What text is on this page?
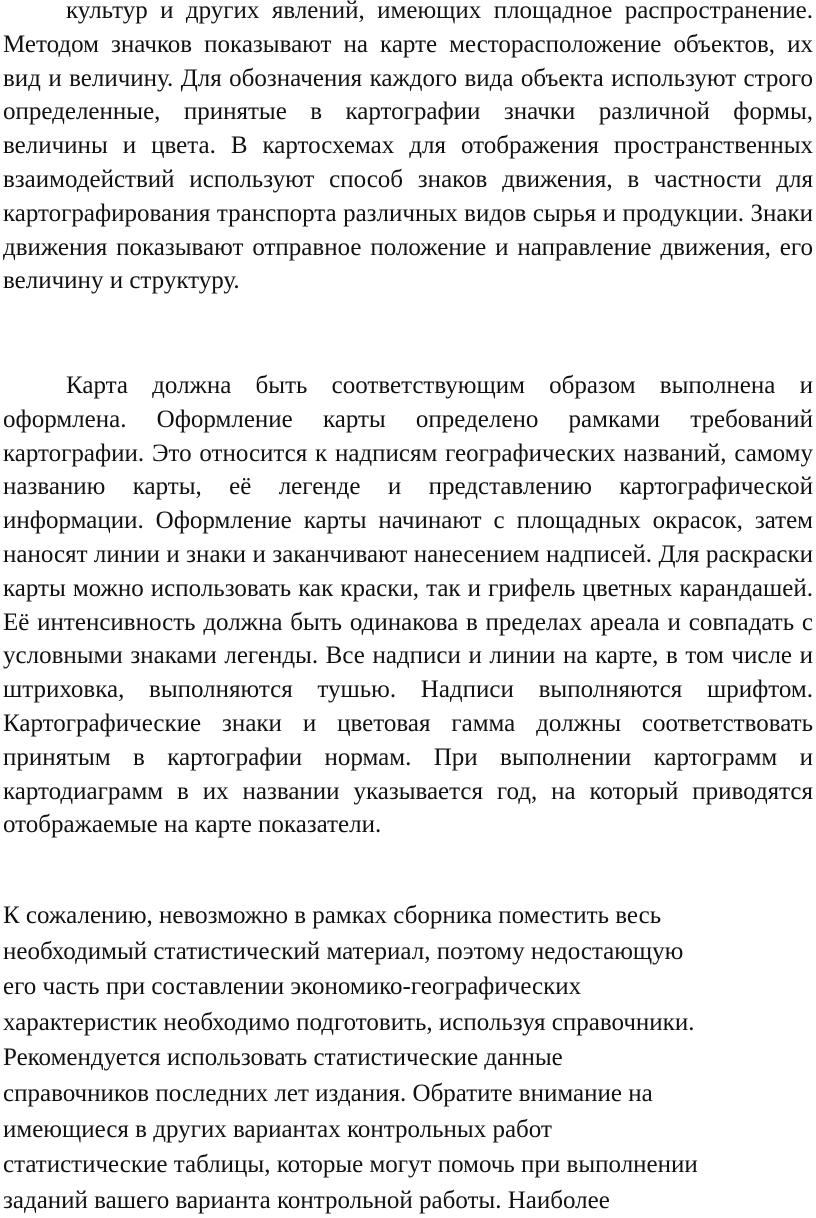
культур и других явлений, имеющих площадное распространение. Методом значков показывают на карте месторасположение объектов, их вид и величину. Для обозначения каждого вида объекта используют строго определенные, принятые в картографии значки различной формы, величины и цвета. В картосхемах для отображения пространственных взаимодействий используют способ знаков движения, в частности для картографирования транспорта различных видов сырья и продукции. Знаки движения показывают отправное положение и направление движения, его величину и структуру.

Карта должна быть соответствующим образом выполнена и оформлена. Оформление карты определено рамками требований картографии. Это относится к надписям географических названий, самому названию карты, её легенде и представлению картографической информации. Оформление карты начинают с площадных окрасок, затем наносят линии и знаки и заканчивают нанесением надписей. Для раскраски карты можно использовать как краски, так и грифель цветных карандашей. Её интенсивность должна быть одинакова в пределах ареала и совпадать с условными знаками легенды. Все надписи и линии на карте, в том числе и штриховка, выполняются тушью. Надписи выполняются шрифтом. Картографические знаки и цветовая гамма должны соответствовать принятым в картографии нормам. При выполнении картограмм и картодиаграмм в их названии указывается год, на который приводятся отображаемые на карте показатели.

К сожалению, невозможно в рамках сборника поместить весь
необходимый статистический материал, поэтому недостающую
его часть при составлении экономико-географических
характеристик необходимо подготовить, используя справочники.
Рекомендуется использовать статистические данные
справочников последних лет издания. Обратите внимание на
имеющиеся в других вариантах контрольных работ
статистические таблицы, которые могут помочь при выполнении
заданий вашего варианта контрольной работы. Наиболее
